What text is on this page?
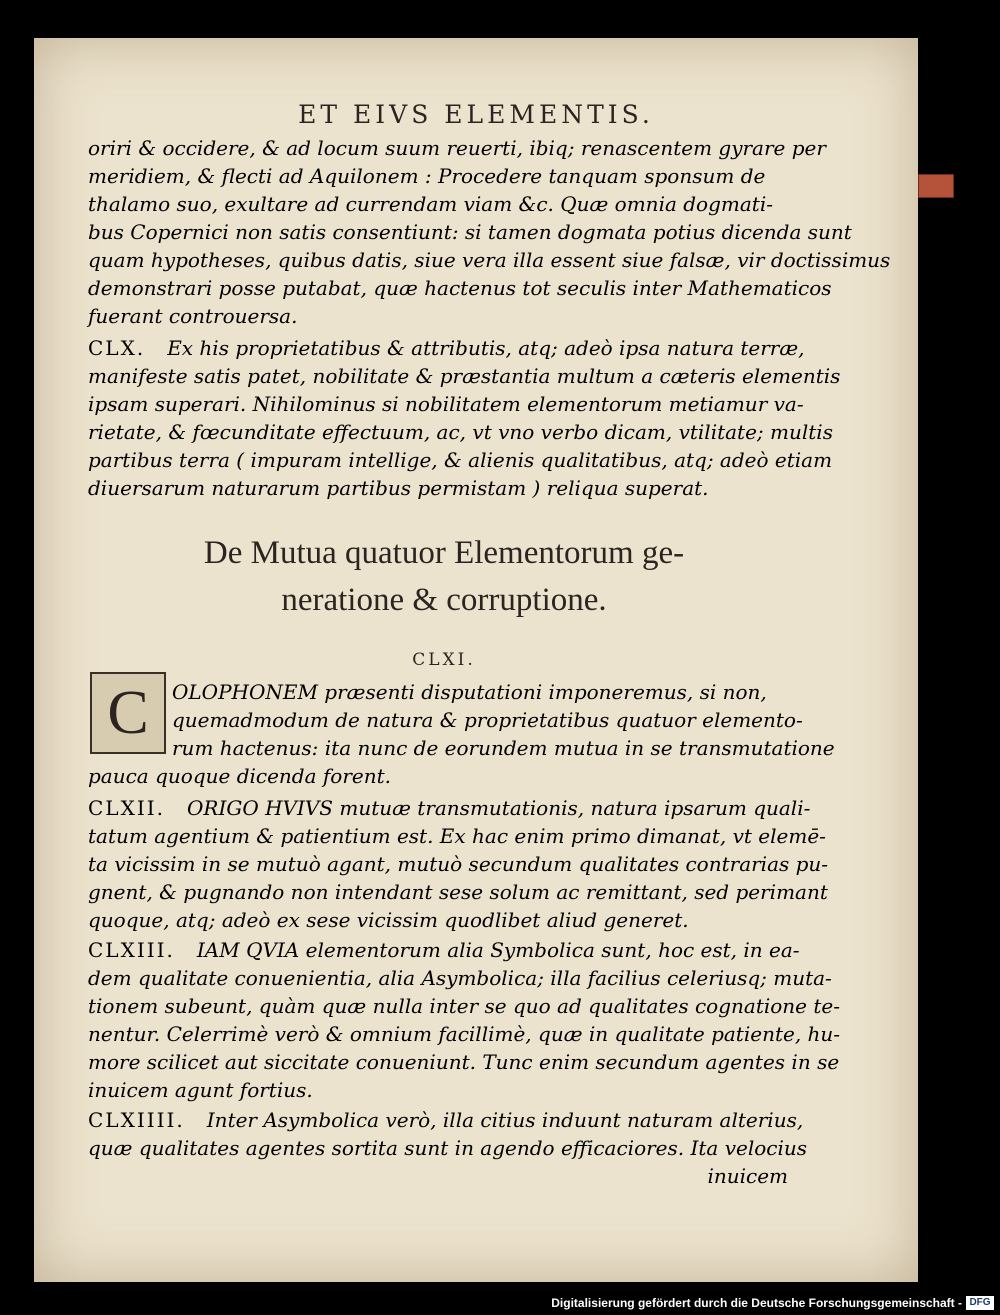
ET EIVS ELEMENTIS.
oriri & occidere, & ad locum suum reuerti, ibiq; renascentem gyrare per
meridiem, & flecti ad Aquilonem : Procedere tanquam sponsum de
thalamo suo, exultare ad currendam viam &c. Quæ omnia dogmati-
bus Copernici non satis consentiunt: si tamen dogmata potius dicenda sunt
quam hypotheses, quibus datis, siue vera illa essent siue falsæ, vir doctissimus
demonstrari posse putabat, quæ hactenus tot seculis inter Mathematicos
fuerant controuersa.
CLX. Ex his proprietatibus & attributis, atq; adeò ipsa natura terræ,
manifeste satis patet, nobilitate & præstantia multum a cæteris elementis
ipsam superari. Nihilominus si nobilitatem elementorum metiamur va-
rietate, & fœcunditate effectuum, ac, vt vno verbo dicam, vtilitate; multis
partibus terra ( impuram intellige, & alienis qualitatibus, atq; adeò etiam
diuersarum naturarum partibus permistam ) reliqua superat.
De Mutua quatuor Elementorum ge-
neratione & corruptione.
CLXI.
C	OLOPHONEM præsenti disputationi imponeremus, si non,
quemadmodum de natura & proprietatibus quatuor elemento-
rum hactenus: ita nunc de eorundem mutua in se transmutatione
pauca quoque dicenda forent.
CLXII. ORIGO HVIVS mutuæ transmutationis, natura ipsarum quali-
tatum agentium & patientium est. Ex hac enim primo dimanat, vt elemē-
ta vicissim in se mutuò agant, mutuò secundum qualitates contrarias pu-
gnent, & pugnando non intendant sese solum ac remittant, sed perimant
quoque, atq; adeò ex sese vicissim quodlibet aliud generet.
CLXIII. IAM QVIA elementorum alia Symbolica sunt, hoc est, in ea-
dem qualitate conuenientia, alia Asymbolica; illa facilius celeriusq; muta-
tionem subeunt, quàm quæ nulla inter se quo ad qualitates cognatione te-
nentur. Celerrimè verò & omnium facillimè, quæ in qualitate patiente, hu-
more scilicet aut siccitate conueniunt. Tunc enim secundum agentes in se
inuicem agunt fortius.
CLXIIII. Inter Asymbolica verò, illa citius induunt naturam alterius,
quæ qualitates agentes sortita sunt in agendo efficaciores. Ita velocius
inuicem
Digitalisierung gefördert durch die Deutsche Forschungsgemeinschaft - DFG
